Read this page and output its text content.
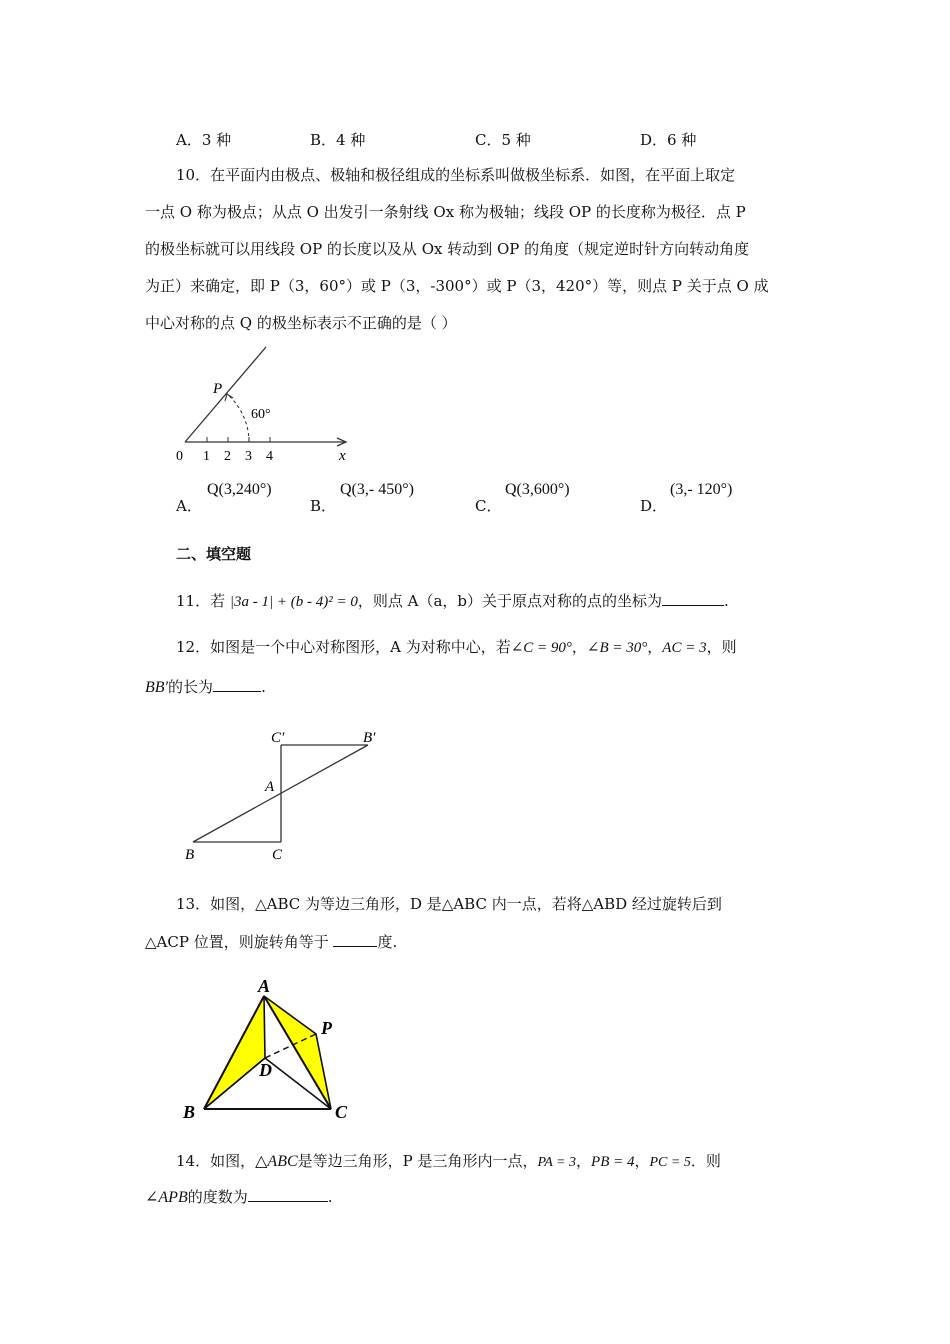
A．3 种	B．4 种	C．5 种	D．6 种
10．在平面内由极点、极轴和极径组成的坐标系叫做极坐标系．如图，在平面上取定
一点 O 称为极点；从点 O 出发引一条射线 Ox 称为极轴；线段 OP 的长度称为极径．点 P
的极坐标就可以用线段 OP 的长度以及从 Ox 转动到 OP 的角度（规定逆时针方向转动角度
为正）来确定，即 P（3，60°）或 P（3，-300°）或 P（3，420°）等，则点 P 关于点 O 成
中心对称的点 Q 的极坐标表示不正确的是（ ）
P
60°
x
0 1 2 3 4
A．
Q(3,240°)
B．
Q(3,- 450°)
C．
Q(3,600°)
D．
(3,- 120°)
二、填空题
11．若 |3a - 1| + (b - 4)² = 0，则点 A（a，b）关于原点对称的点的坐标为	.
12．如图是一个中心对称图形，A 为对称中心，若∠C = 90°，∠B = 30°，AC = 3，则
BB′的长为	.
C′	B′
A
B	C
13．如图，△ABC 为等边三角形，D 是△ABC 内一点，若将△ABD 经过旋转后到
△ACP 位置，则旋转角等于	度.
A
P
D
B	C
14．如图，△ABC是等边三角形，P 是三角形内一点，PA = 3，PB = 4，PC = 5．则
∠APB的度数为	.
